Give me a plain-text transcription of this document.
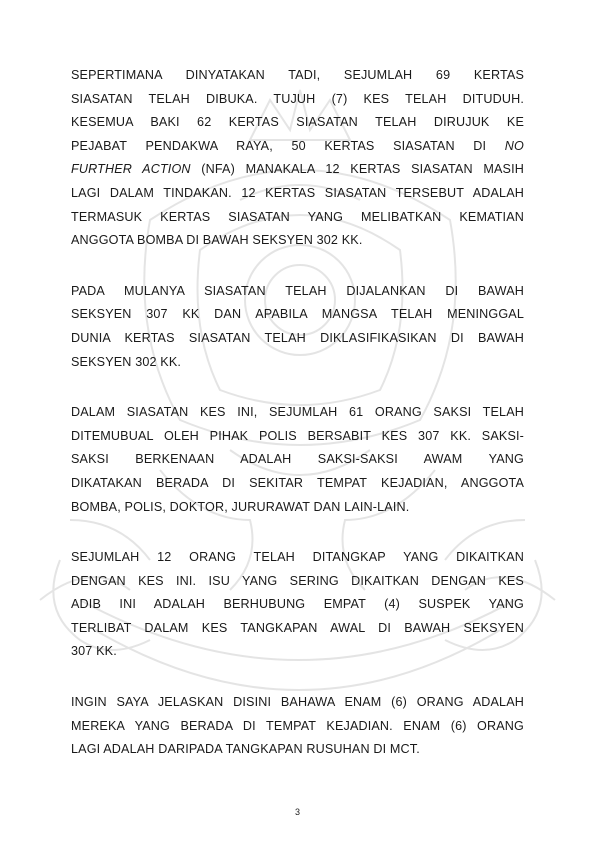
SEPERTIMANA DINYATAKAN TADI, SEJUMLAH 69 KERTAS
SIASATAN TELAH DIBUKA. TUJUH (7) KES TELAH DITUDUH.
KESEMUA BAKI 62 KERTAS SIASATAN TELAH DIRUJUK KE
PEJABAT PENDAKWA RAYA, 50 KERTAS SIASATAN DI NO
FURTHER ACTION (NFA) MANAKALA 12 KERTAS SIASATAN MASIH
LAGI DALAM TINDAKAN. 12 KERTAS SIASATAN TERSEBUT ADALAH
TERMASUK KERTAS SIASATAN YANG MELIBATKAN KEMATIAN
ANGGOTA BOMBA DI BAWAH SEKSYEN 302 KK.

PADA MULANYA SIASATAN TELAH DIJALANKAN DI BAWAH
SEKSYEN 307 KK DAN APABILA MANGSA TELAH MENINGGAL
DUNIA KERTAS SIASATAN TELAH DIKLASIFIKASIKAN DI BAWAH
SEKSYEN 302 KK.

DALAM SIASATAN KES INI, SEJUMLAH 61 ORANG SAKSI TELAH
DITEMUBUAL OLEH PIHAK POLIS BERSABIT KES 307 KK. SAKSI-
SAKSI BERKENAAN ADALAH SAKSI-SAKSI AWAM YANG
DIKATAKAN BERADA DI SEKITAR TEMPAT KEJADIAN, ANGGOTA
BOMBA, POLIS, DOKTOR, JURURAWAT DAN LAIN-LAIN.

SEJUMLAH 12 ORANG TELAH DITANGKAP YANG DIKAITKAN
DENGAN KES INI. ISU YANG SERING DIKAITKAN DENGAN KES
ADIB INI ADALAH BERHUBUNG EMPAT (4) SUSPEK YANG
TERLIBAT DALAM KES TANGKAPAN AWAL DI BAWAH SEKSYEN
307 KK.

INGIN SAYA JELASKAN DISINI BAHAWA ENAM (6) ORANG ADALAH
MEREKA YANG BERADA DI TEMPAT KEJADIAN. ENAM (6) ORANG
LAGI ADALAH DARIPADA TANGKAPAN RUSUHAN DI MCT.

3
